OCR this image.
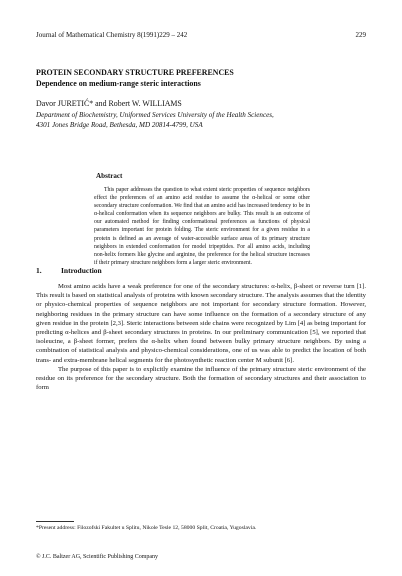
Journal of Mathematical Chemistry 8(1991)229 – 242	229
PROTEIN SECONDARY STRUCTURE PREFERENCES
Dependence on medium-range steric interactions
Davor JURETIĆ* and Robert W. WILLIAMS
Department of Biochemistry, Uniformed Services University of the Health Sciences,
4301 Jones Bridge Road, Bethesda, MD 20814-4799, USA
Abstract
This paper addresses the question to what extent steric properties of sequence neighbors effect the preferences of an amino acid residue to assume the α-helical or some other secondary structure conformation. We find that an amino acid has increased tendency to be in α-helical conformation when its sequence neighbors are bulky. This result is an outcome of our automated method for finding conformational preferences as functions of physical parameters important for protein folding. The steric environment for a given residue in a protein is defined as an average of water-accessible surface areas of its primary structure neighbors in extended conformation for model tripeptides. For all amino acids, including non-helix formers like glycine and arginine, the preference for the helical structure increases if their primary structure neighbors form a larger steric environment.
1.	Introduction

Most amino acids have a weak preference for one of the secondary structures: α-helix, β-sheet or reverse turn [1]. This result is based on statistical analysis of proteins with known secondary structure. The analysis assumes that the identity or physico-chemical properties of sequence neighbors are not important for secondary structure formation. However, neighboring residues in the primary structure can have some influence on the formation of a secondary structure of any given residue in the protein [2,3]. Steric interactions between side chains were recognized by Lim [4] as being important for predicting α-helices and β-sheet secondary structures in proteins. In our preliminary communication [5], we reported that isoleucine, a β-sheet former, prefers the α-helix when found between bulky primary structure neighbors. By using a combination of statistical analysis and physico-chemical considerations, one of us was able to predict the location of both trans- and extra-membrane helical segments for the photosynthetic reaction center M subunit [6].

The purpose of this paper is to explicitly examine the influence of the primary structure steric environment of the residue on its preference for the secondary structure. Both the formation of secondary structures and their association to form

*Present address: Filozofski Fakultet u Splitu, Nikole Tesle 12, 58000 Split, Croatia, Yugoslavia.
© J.C. Baltzer AG, Scientific Publishing Company
